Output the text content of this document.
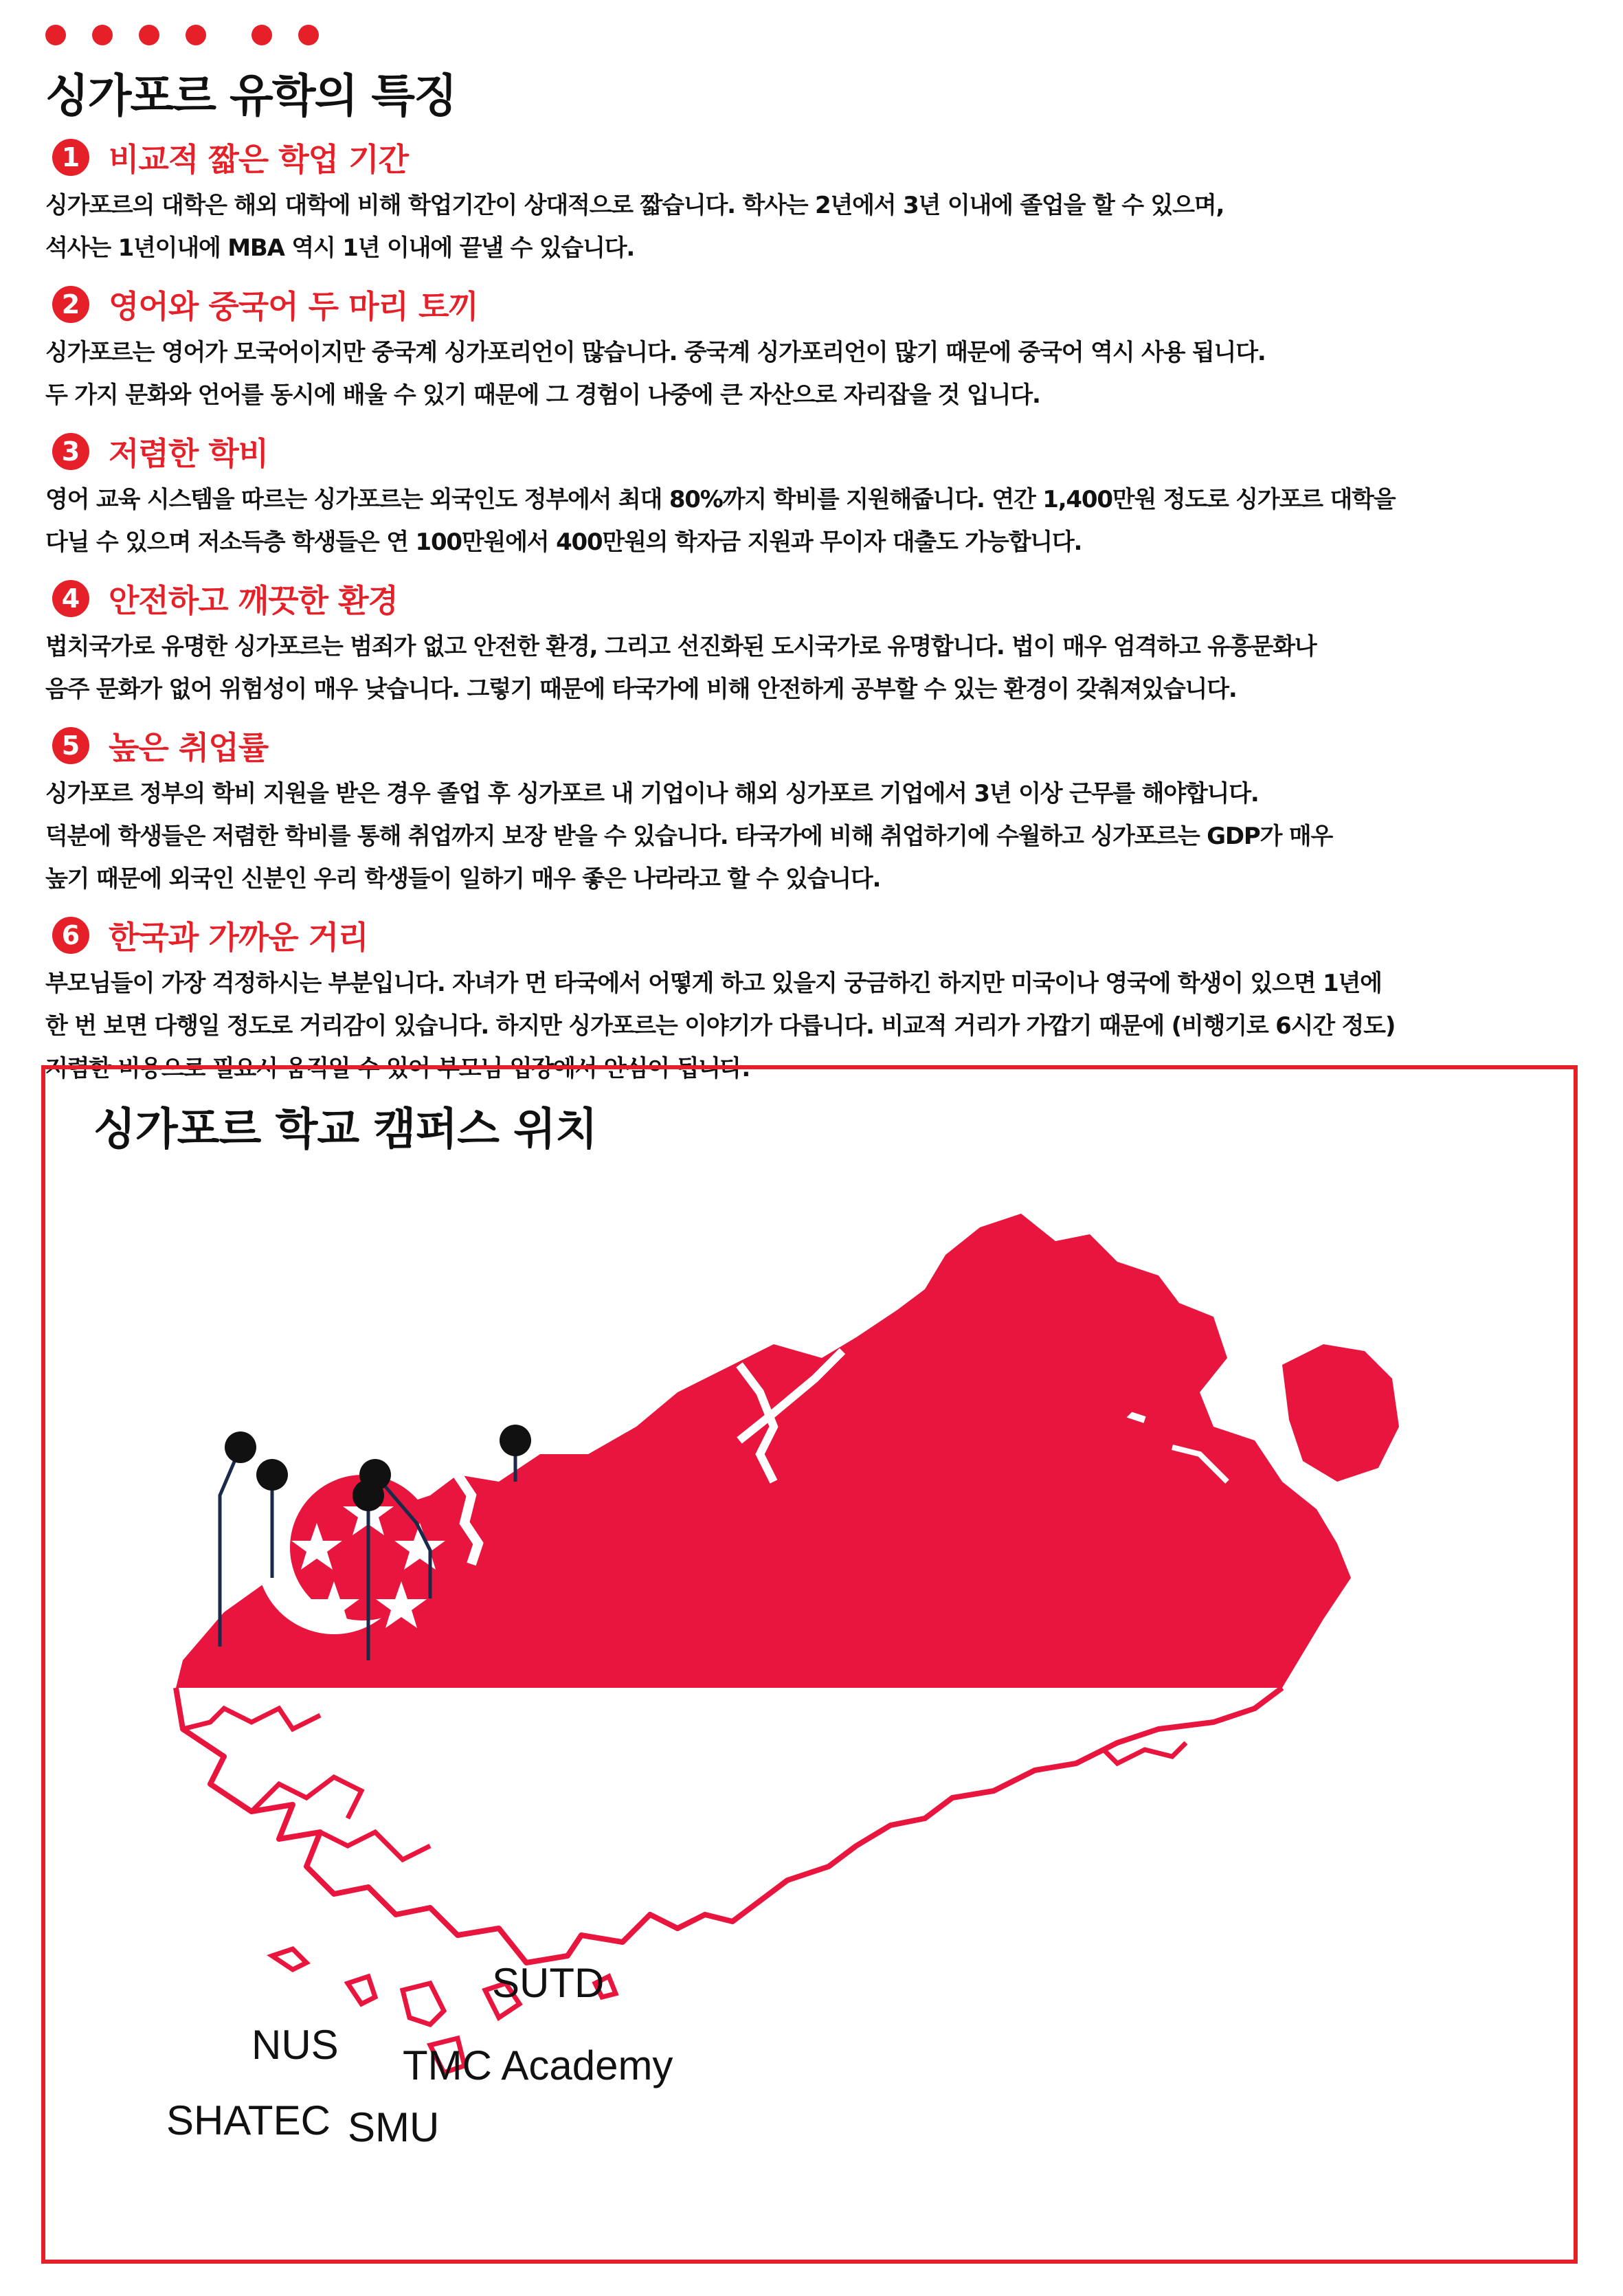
싱가포르 유학의 특징
1 비교적 짧은 학업 기간

싱가포르의 대학은 해외 대학에 비해 학업기간이 상대적으로 짧습니다. 학사는 2년에서 3년 이내에 졸업을 할 수 있으며,
석사는 1년이내에 MBA 역시 1년 이내에 끝낼 수 있습니다.

2 영어와 중국어 두 마리 토끼

싱가포르는 영어가 모국어이지만 중국계 싱가포리언이 많습니다. 중국계 싱가포리언이 많기 때문에 중국어 역시 사용 됩니다.
두 가지 문화와 언어를 동시에 배울 수 있기 때문에 그 경험이 나중에 큰 자산으로 자리잡을 것 입니다.

3 저렴한 학비

영어 교육 시스템을 따르는 싱가포르는 외국인도 정부에서 최대 80%까지 학비를 지원해줍니다. 연간 1,400만원 정도로 싱가포르 대학을
다닐 수 있으며 저소득층 학생들은 연 100만원에서 400만원의 학자금 지원과 무이자 대출도 가능합니다.

4 안전하고 깨끗한 환경

법치국가로 유명한 싱가포르는 범죄가 없고 안전한 환경, 그리고 선진화된 도시국가로 유명합니다. 법이 매우 엄격하고 유흥문화나
음주 문화가 없어 위험성이 매우 낮습니다. 그렇기 때문에 타국가에 비해 안전하게 공부할 수 있는 환경이 갖춰져있습니다.

5 높은 취업률

싱가포르 정부의 학비 지원을 받은 경우 졸업 후 싱가포르 내 기업이나 해외 싱가포르 기업에서 3년 이상 근무를 해야합니다.
덕분에 학생들은 저렴한 학비를 통해 취업까지 보장 받을 수 있습니다. 타국가에 비해 취업하기에 수월하고 싱가포르는 GDP가 매우
높기 때문에 외국인 신분인 우리 학생들이 일하기 매우 좋은 나라라고 할 수 있습니다.

6 한국과 가까운 거리

부모님들이 가장 걱정하시는 부분입니다. 자녀가 먼 타국에서 어떻게 하고 있을지 궁금하긴 하지만 미국이나 영국에 학생이 있으면 1년에
한 번 보면 다행일 정도로 거리감이 있습니다. 하지만 싱가포르는 이야기가 다릅니다. 비교적 거리가 가깝기 때문에 (비행기로 6시간 정도)
저렴한 비용으로 필요시 움직일 수 있어 부모님 입장에서 안심이 됩니다.

싱가포르 학교 캠퍼스 위치
SHATEC
NUS
SMU
TMC Academy
SUTD
